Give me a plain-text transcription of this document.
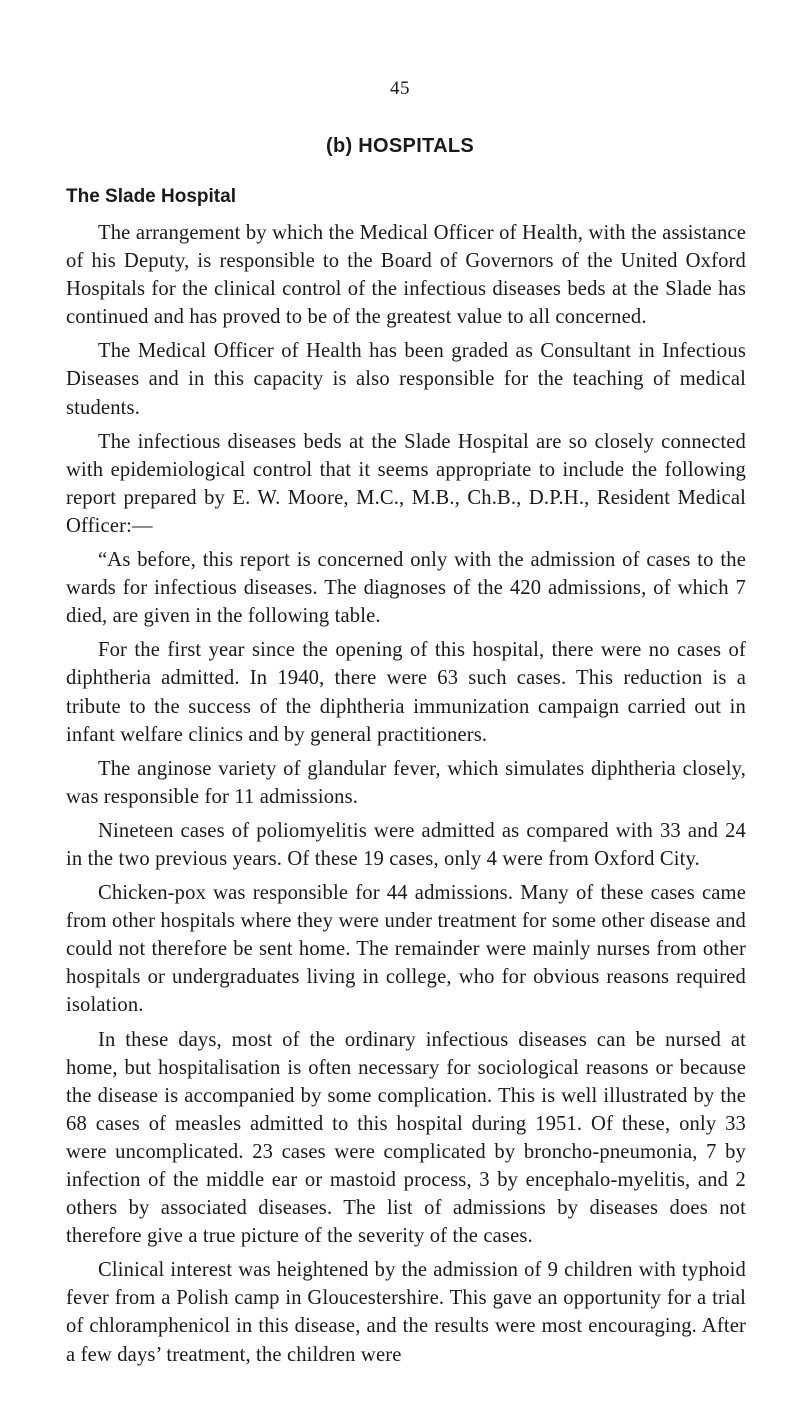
45
(b) HOSPITALS
The Slade Hospital

The arrangement by which the Medical Officer of Health, with the assistance of his Deputy, is responsible to the Board of Governors of the United Oxford Hospitals for the clinical control of the infectious diseases beds at the Slade has continued and has proved to be of the greatest value to all concerned.

The Medical Officer of Health has been graded as Consultant in Infectious Diseases and in this capacity is also responsible for the teaching of medical students.

The infectious diseases beds at the Slade Hospital are so closely connected with epidemiological control that it seems appropriate to include the following report prepared by E. W. Moore, M.C., M.B., Ch.B., D.P.H., Resident Medical Officer:—

“As before, this report is concerned only with the admission of cases to the wards for infectious diseases. The diagnoses of the 420 admissions, of which 7 died, are given in the following table.

For the first year since the opening of this hospital, there were no cases of diphtheria admitted. In 1940, there were 63 such cases. This reduction is a tribute to the success of the diphtheria immunization campaign carried out in infant welfare clinics and by general practitioners.

The anginose variety of glandular fever, which simulates diphtheria closely, was responsible for 11 admissions.

Nineteen cases of poliomyelitis were admitted as compared with 33 and 24 in the two previous years. Of these 19 cases, only 4 were from Oxford City.

Chicken-pox was responsible for 44 admissions. Many of these cases came from other hospitals where they were under treatment for some other disease and could not therefore be sent home. The remainder were mainly nurses from other hospitals or undergraduates living in college, who for obvious reasons required isolation.

In these days, most of the ordinary infectious diseases can be nursed at home, but hospitalisation is often necessary for sociological reasons or because the disease is accompanied by some complication. This is well illustrated by the 68 cases of measles admitted to this hospital during 1951. Of these, only 33 were uncomplicated. 23 cases were complicated by broncho-pneumonia, 7 by infection of the middle ear or mastoid process, 3 by encephalo-myelitis, and 2 others by associated diseases. The list of admissions by diseases does not therefore give a true picture of the severity of the cases.

Clinical interest was heightened by the admission of 9 children with typhoid fever from a Polish camp in Gloucestershire. This gave an opportunity for a trial of chloramphenicol in this disease, and the results were most encouraging. After a few days’ treatment, the children were
